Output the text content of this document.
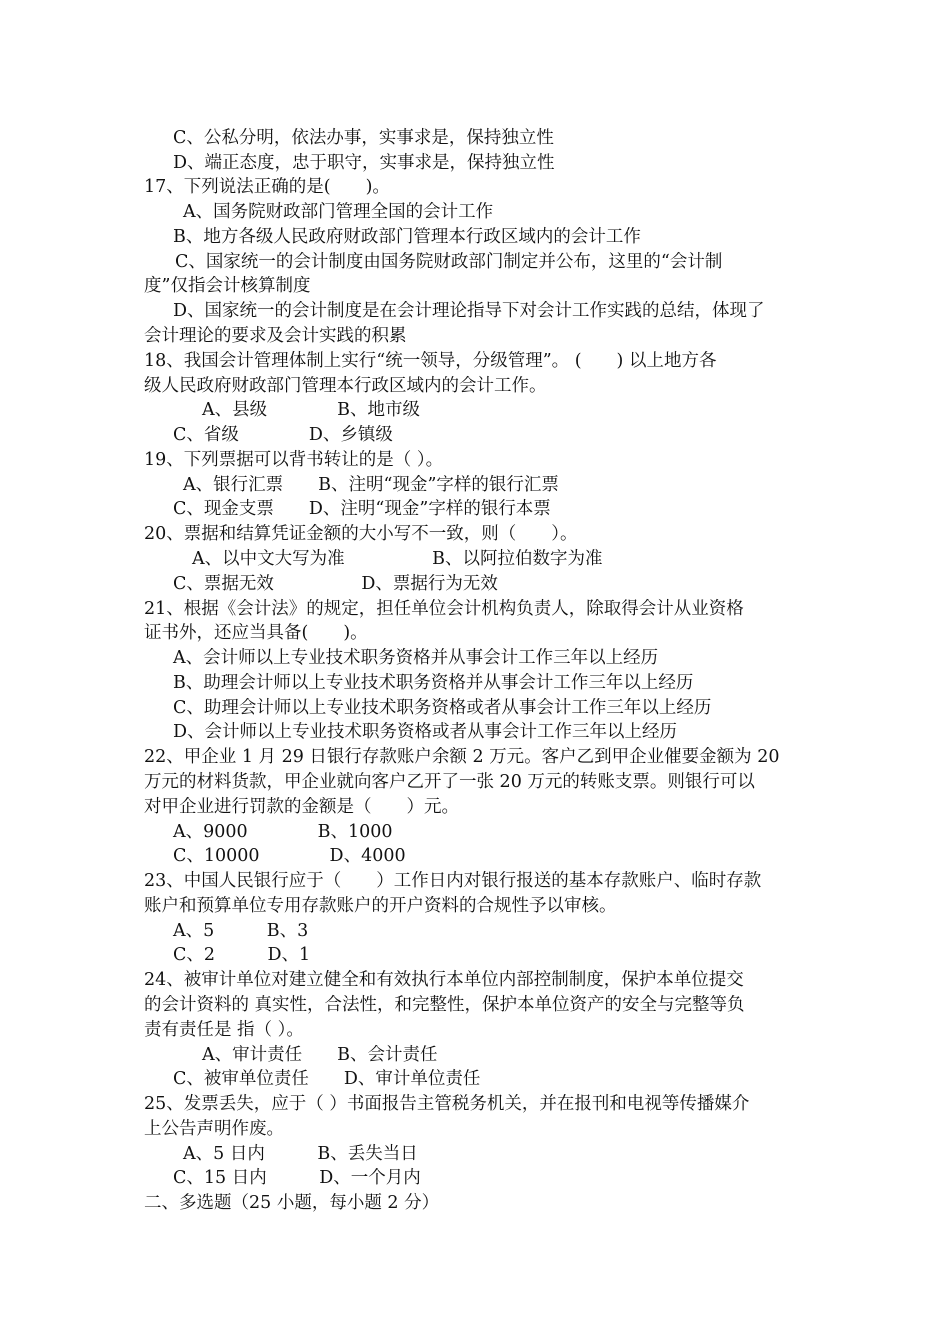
C、公私分明，依法办事，实事求是，保持独立性
D、端正态度，忠于职守，实事求是，保持独立性
17、下列说法正确的是(　　)。
A、国务院财政部门管理全国的会计工作
B、地方各级人民政府财政部门管理本行政区域内的会计工作
C、国家统一的会计制度由国务院财政部门制定并公布，这里的“会计制
度”仅指会计核算制度
D、国家统一的会计制度是在会计理论指导下对会计工作实践的总结，体现了
会计理论的要求及会计实践的积累
18、我国会计管理体制上实行“统一领导，分级管理”。 (　　) 以上地方各
级人民政府财政部门管理本行政区域内的会计工作。
A、县级　　　　B、地市级
C、省级　　　　D、乡镇级
19、下列票据可以背书转让的是（ ）。
A、银行汇票　　B、注明“现金”字样的银行汇票
C、现金支票　　D、注明“现金”字样的银行本票
20、票据和结算凭证金额的大小写不一致，则（　　）。
A、以中文大写为准　　　　　B、以阿拉伯数字为准
C、票据无效　　　　　D、票据行为无效
21、根据《会计法》的规定，担任单位会计机构负责人，除取得会计从业资格
证书外，还应当具备(　　)。
A、会计师以上专业技术职务资格并从事会计工作三年以上经历
B、助理会计师以上专业技术职务资格并从事会计工作三年以上经历
C、助理会计师以上专业技术职务资格或者从事会计工作三年以上经历
D、会计师以上专业技术职务资格或者从事会计工作三年以上经历
22、甲企业 1 月 29 日银行存款账户余额 2 万元。客户乙到甲企业催要金额为 20
万元的材料货款，甲企业就向客户乙开了一张 20 万元的转账支票。则银行可以
对甲企业进行罚款的金额是（　　）元。
A、9000　　　　B、1000
C、10000　　　　D、4000
23、中国人民银行应于（　　）工作日内对银行报送的基本存款账户、临时存款
账户和预算单位专用存款账户的开户资料的合规性予以审核。
A、5　　　B、3
C、2　　　D、1
24、被审计单位对建立健全和有效执行本单位内部控制制度，保护本单位提交
的会计资料的 真实性，合法性，和完整性，保护本单位资产的安全与完整等负
责有责任是 指（ ）。
A、审计责任　　B、会计责任
C、被审单位责任　　D、审计单位责任
25、发票丢失，应于（ ）书面报告主管税务机关，并在报刊和电视等传播媒介
上公告声明作废。
A、5 日内　　　B、丢失当日
C、15 日内　　　D、一个月内
二、多选题（25 小题，每小题 2 分）
